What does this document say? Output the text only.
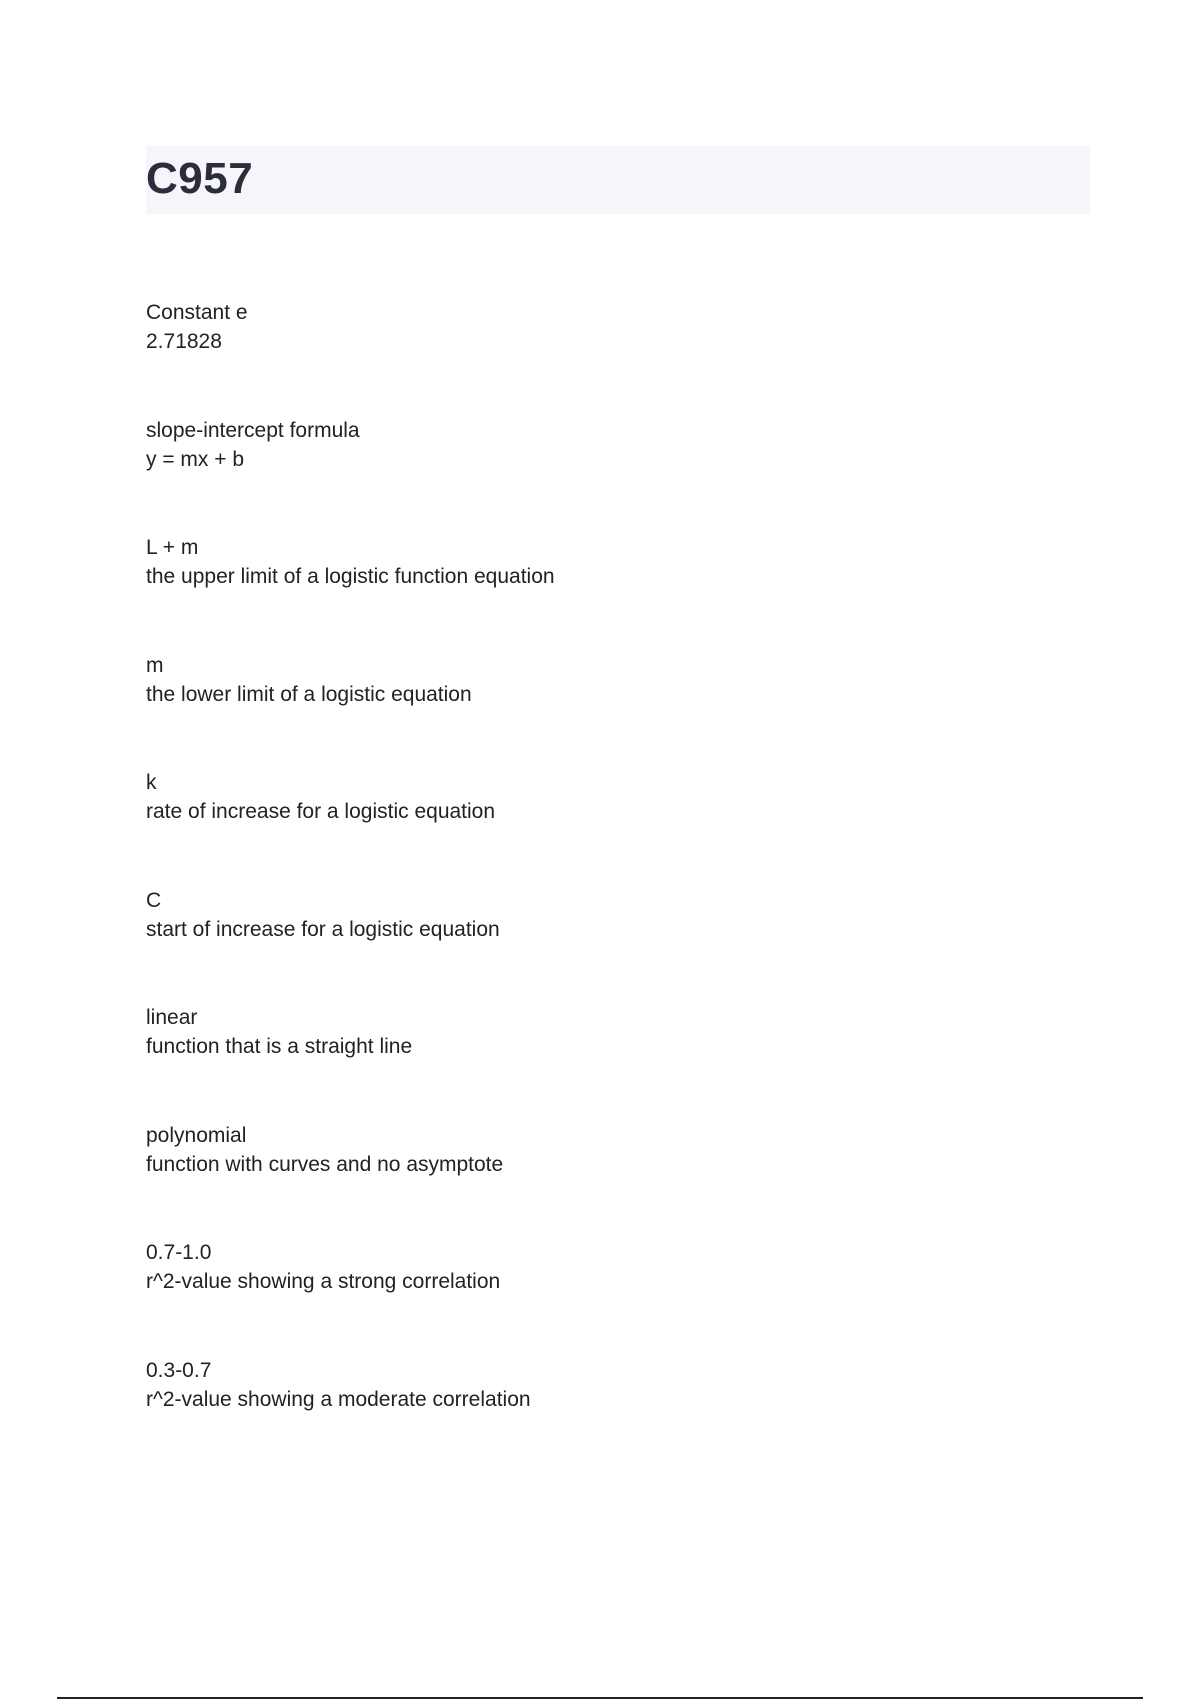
C957
Constant e
2.71828
slope-intercept formula
y = mx + b
L + m
the upper limit of a logistic function equation
m
the lower limit of a logistic equation
k
rate of increase for a logistic equation
C
start of increase for a logistic equation
linear
function that is a straight line
polynomial
function with curves and no asymptote
0.7-1.0
r^2-value showing a strong correlation
0.3-0.7
r^2-value showing a moderate correlation
